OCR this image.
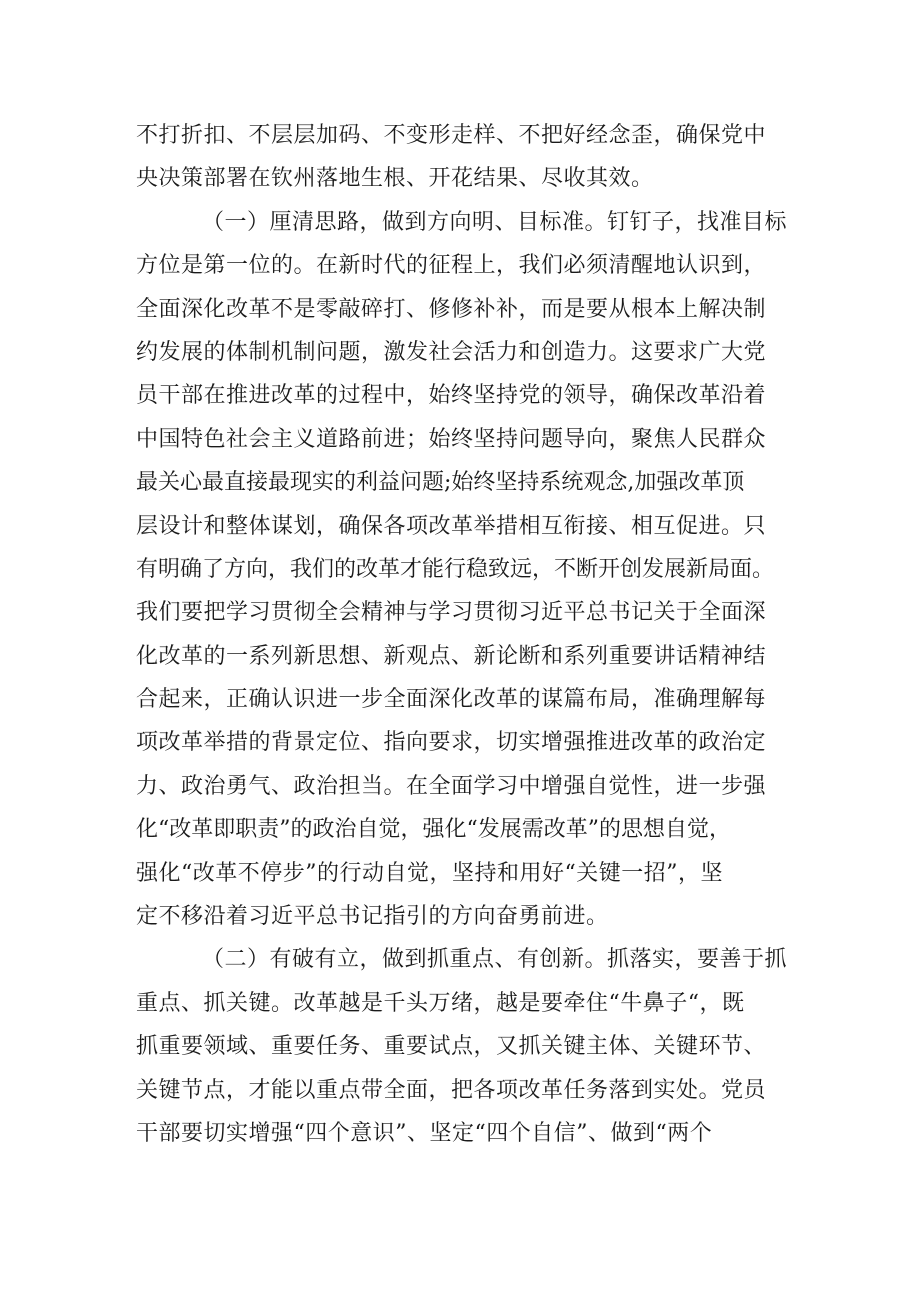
不打折扣、不层层加码、不变形走样、不把好经念歪，确保党中
央决策部署在钦州落地生根、开花结果、尽收其效。
（一）厘清思路，做到方向明、目标准。钉钉子，找准目标
方位是第一位的。在新时代的征程上，我们必须清醒地认识到，
全面深化改革不是零敲碎打、修修补补，而是要从根本上解决制
约发展的体制机制问题，激发社会活力和创造力。这要求广大党
员干部在推进改革的过程中，始终坚持党的领导，确保改革沿着
中国特色社会主义道路前进；始终坚持问题导向，聚焦人民群众
最关心最直接最现实的利益问题;始终坚持系统观念,加强改革顶
层设计和整体谋划，确保各项改革举措相互衔接、相互促进。只
有明确了方向，我们的改革才能行稳致远，不断开创发展新局面。
我们要把学习贯彻全会精神与学习贯彻习近平总书记关于全面深
化改革的一系列新思想、新观点、新论断和系列重要讲话精神结
合起来，正确认识进一步全面深化改革的谋篇布局，准确理解每
项改革举措的背景定位、指向要求，切实增强推进改革的政治定
力、政治勇气、政治担当。在全面学习中增强自觉性，进一步强
化“改革即职责”的政治自觉，强化“发展需改革”的思想自觉，
强化“改革不停步”的行动自觉，坚持和用好“关键一招”，坚
定不移沿着习近平总书记指引的方向奋勇前进。
（二）有破有立，做到抓重点、有创新。抓落实，要善于抓
重点、抓关键。改革越是千头万绪，越是要牵住“牛鼻子“，既
抓重要领域、重要任务、重要试点，又抓关键主体、关键环节、
关键节点，才能以重点带全面，把各项改革任务落到实处。党员
干部要切实增强“四个意识”、坚定“四个自信”、做到“两个
